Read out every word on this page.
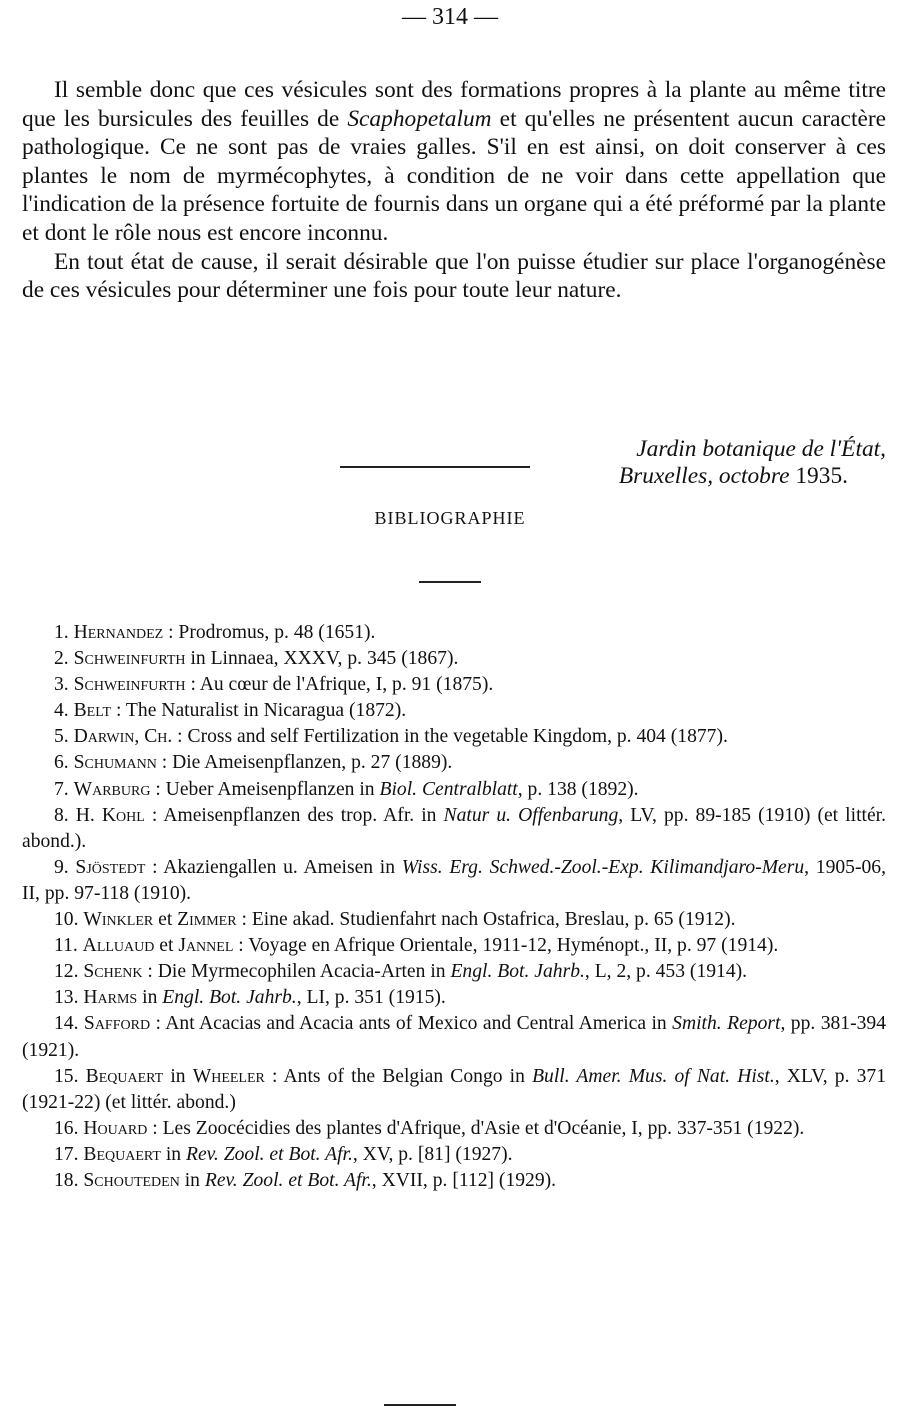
— 314 —

Il semble donc que ces vésicules sont des formations propres à la plante au même titre que les bursicules des feuilles de Scaphopetalum et qu'elles ne présentent aucun caractère pathologique. Ce ne sont pas de vraies galles. S'il en est ainsi, on doit conserver à ces plantes le nom de myrmécophytes, à condition de ne voir dans cette appellation que l'indication de la présence fortuite de fournis dans un organe qui a été préformé par la plante et dont le rôle nous est encore inconnu.

En tout état de cause, il serait désirable que l'on puisse étudier sur place l'organogénèse de ces vésicules pour déterminer une fois pour toute leur nature.

Jardin botanique de l'État,
Bruxelles, octobre 1935.
BIBLIOGRAPHIE

1. Hernandez : Prodromus, p. 48 (1651).

2. Schweinfurth in Linnaea, XXXV, p. 345 (1867).

3. Schweinfurth : Au cœur de l'Afrique, I, p. 91 (1875).

4. Belt : The Naturalist in Nicaragua (1872).

5. Darwin, Ch. : Cross and self Fertilization in the vegetable Kingdom, p. 404 (1877).

6. Schumann : Die Ameisenpflanzen, p. 27 (1889).

7. Warburg : Ueber Ameisenpflanzen in Biol. Centralblatt, p. 138 (1892).

8. H. Kohl : Ameisenpflanzen des trop. Afr. in Natur u. Offenbarung, LV, pp. 89-185 (1910) (et littér. abond.).

9. Sjöstedt : Akaziengallen u. Ameisen in Wiss. Erg. Schwed.-Zool.-Exp. Kilimandjaro-Meru, 1905-06, II, pp. 97-118 (1910).

10. Winkler et Zimmer : Eine akad. Studienfahrt nach Ostafrica, Breslau, p. 65 (1912).

11. Alluaud et Jannel : Voyage en Afrique Orientale, 1911-12, Hyménopt., II, p. 97 (1914).

12. Schenk : Die Myrmecophilen Acacia-Arten in Engl. Bot. Jahrb., L, 2, p. 453 (1914).

13. Harms in Engl. Bot. Jahrb., LI, p. 351 (1915).

14. Safford : Ant Acacias and Acacia ants of Mexico and Central America in Smith. Report, pp. 381-394 (1921).

15. Bequaert in Wheeler : Ants of the Belgian Congo in Bull. Amer. Mus. of Nat. Hist., XLV, p. 371 (1921-22) (et littér. abond.)

16. Houard : Les Zoocécidies des plantes d'Afrique, d'Asie et d'Océanie, I, pp. 337-351 (1922).

17. Bequaert in Rev. Zool. et Bot. Afr., XV, p. [81] (1927).

18. Schouteden in Rev. Zool. et Bot. Afr., XVII, p. [112] (1929).
